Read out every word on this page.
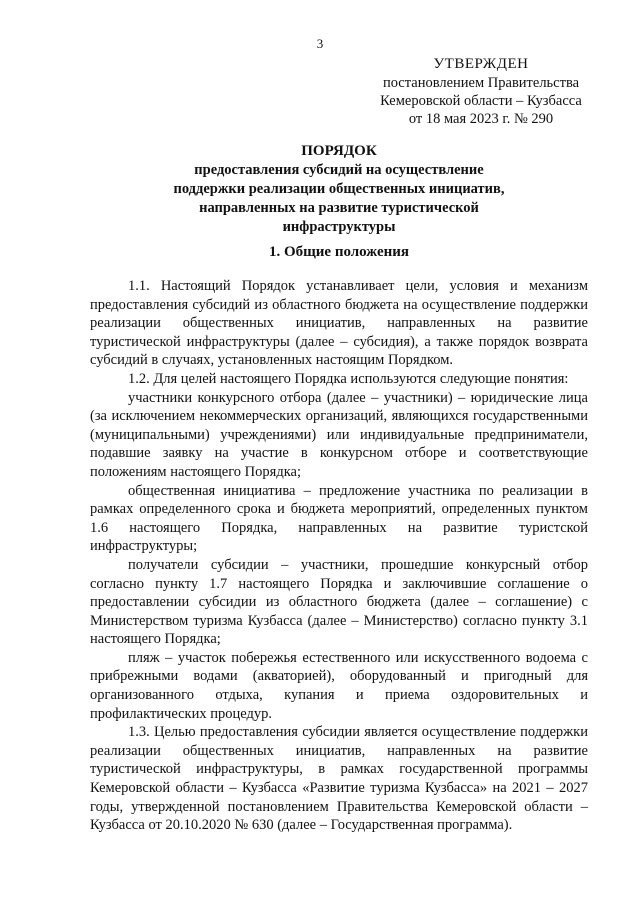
3
УТВЕРЖДЕН
постановлением Правительства
Кемеровской области – Кузбасса
от 18 мая 2023 г. № 290
ПОРЯДОК
предоставления субсидий на осуществление
поддержки реализации общественных инициатив,
направленных на развитие туристической
инфраструктуры
1. Общие положения

1.1. Настоящий Порядок устанавливает цели, условия и механизм предоставления субсидий из областного бюджета на осуществление поддержки реализации общественных инициатив, направленных на развитие туристической инфраструктуры (далее – субсидия), а также порядок возврата субсидий в случаях, установленных настоящим Порядком.

1.2. Для целей настоящего Порядка используются следующие понятия:

участники конкурсного отбора (далее – участники) – юридические лица (за исключением некоммерческих организаций, являющихся государственными (муниципальными) учреждениями) или индивидуальные предприниматели, подавшие заявку на участие в конкурсном отборе и соответствующие положениям настоящего Порядка;

общественная инициатива – предложение участника по реализации в рамках определенного срока и бюджета мероприятий, определенных пунктом 1.6 настоящего Порядка, направленных на развитие туристской инфраструктуры;

получатели субсидии – участники, прошедшие конкурсный отбор согласно пункту 1.7 настоящего Порядка и заключившие соглашение о предоставлении субсидии из областного бюджета (далее – соглашение) с Министерством туризма Кузбасса (далее – Министерство) согласно пункту 3.1 настоящего Порядка;

пляж – участок побережья естественного или искусственного водоема с прибрежными водами (акваторией), оборудованный и пригодный для организованного отдыха, купания и приема оздоровительных и профилактических процедур.

1.3. Целью предоставления субсидии является осуществление поддержки реализации общественных инициатив, направленных на развитие туристической инфраструктуры, в рамках государственной программы Кемеровской области – Кузбасса «Развитие туризма Кузбасса» на 2021 – 2027 годы, утвержденной постановлением Правительства Кемеровской области – Кузбасса от 20.10.2020 № 630 (далее – Государственная программа).
